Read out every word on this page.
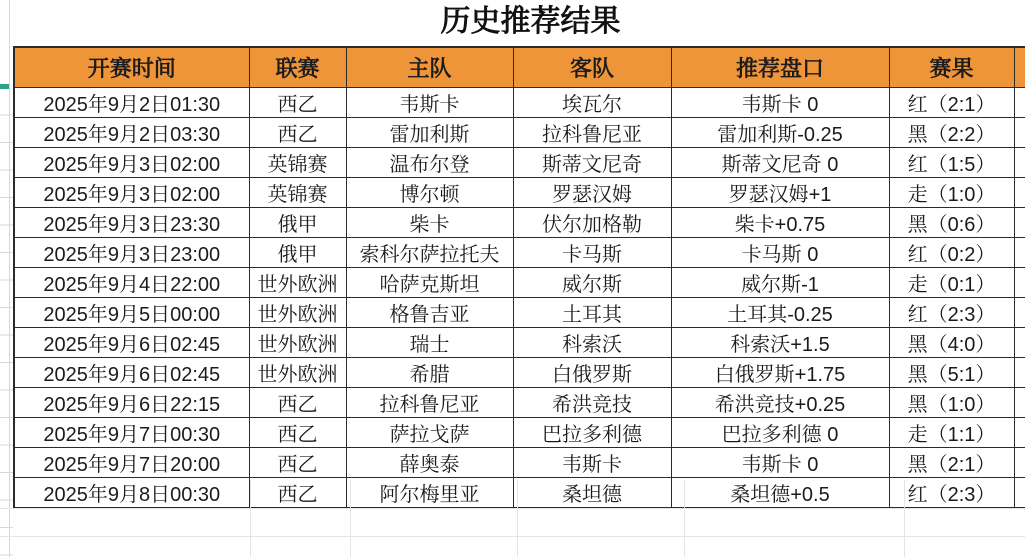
历史推荐结果
开赛时间	联赛	主队	客队	推荐盘口	赛果	
2025年9月2日01:30	西乙	韦斯卡	埃瓦尔	韦斯卡 0	红（2:1）	
2025年9月2日03:30	西乙	雷加利斯	拉科鲁尼亚	雷加利斯-0.25	黑（2:2）	
2025年9月3日02:00	英锦赛	温布尔登	斯蒂文尼奇	斯蒂文尼奇 0	红（1:5）	
2025年9月3日02:00	英锦赛	博尔顿	罗瑟汉姆	罗瑟汉姆+1	走（1:0）	
2025年9月3日23:30	俄甲	柴卡	伏尔加格勒	柴卡+0.75	黑（0:6）	
2025年9月3日23:00	俄甲	索科尔萨拉托夫	卡马斯	卡马斯 0	红（0:2）	
2025年9月4日22:00	世外欧洲	哈萨克斯坦	威尔斯	威尔斯-1	走（0:1）	
2025年9月5日00:00	世外欧洲	格鲁吉亚	土耳其	土耳其-0.25	红（2:3）	
2025年9月6日02:45	世外欧洲	瑞士	科索沃	科索沃+1.5	黑（4:0）	
2025年9月6日02:45	世外欧洲	希腊	白俄罗斯	白俄罗斯+1.75	黑（5:1）	
2025年9月6日22:15	西乙	拉科鲁尼亚	希洪竞技	希洪竞技+0.25	黑（1:0）	
2025年9月7日00:30	西乙	萨拉戈萨	巴拉多利德	巴拉多利德 0	走（1:1）	
2025年9月7日20:00	西乙	薛奥泰	韦斯卡	韦斯卡 0	黑（2:1）	
2025年9月8日00:30	西乙	阿尔梅里亚	桑坦德	桑坦德+0.5	红（2:3）	
